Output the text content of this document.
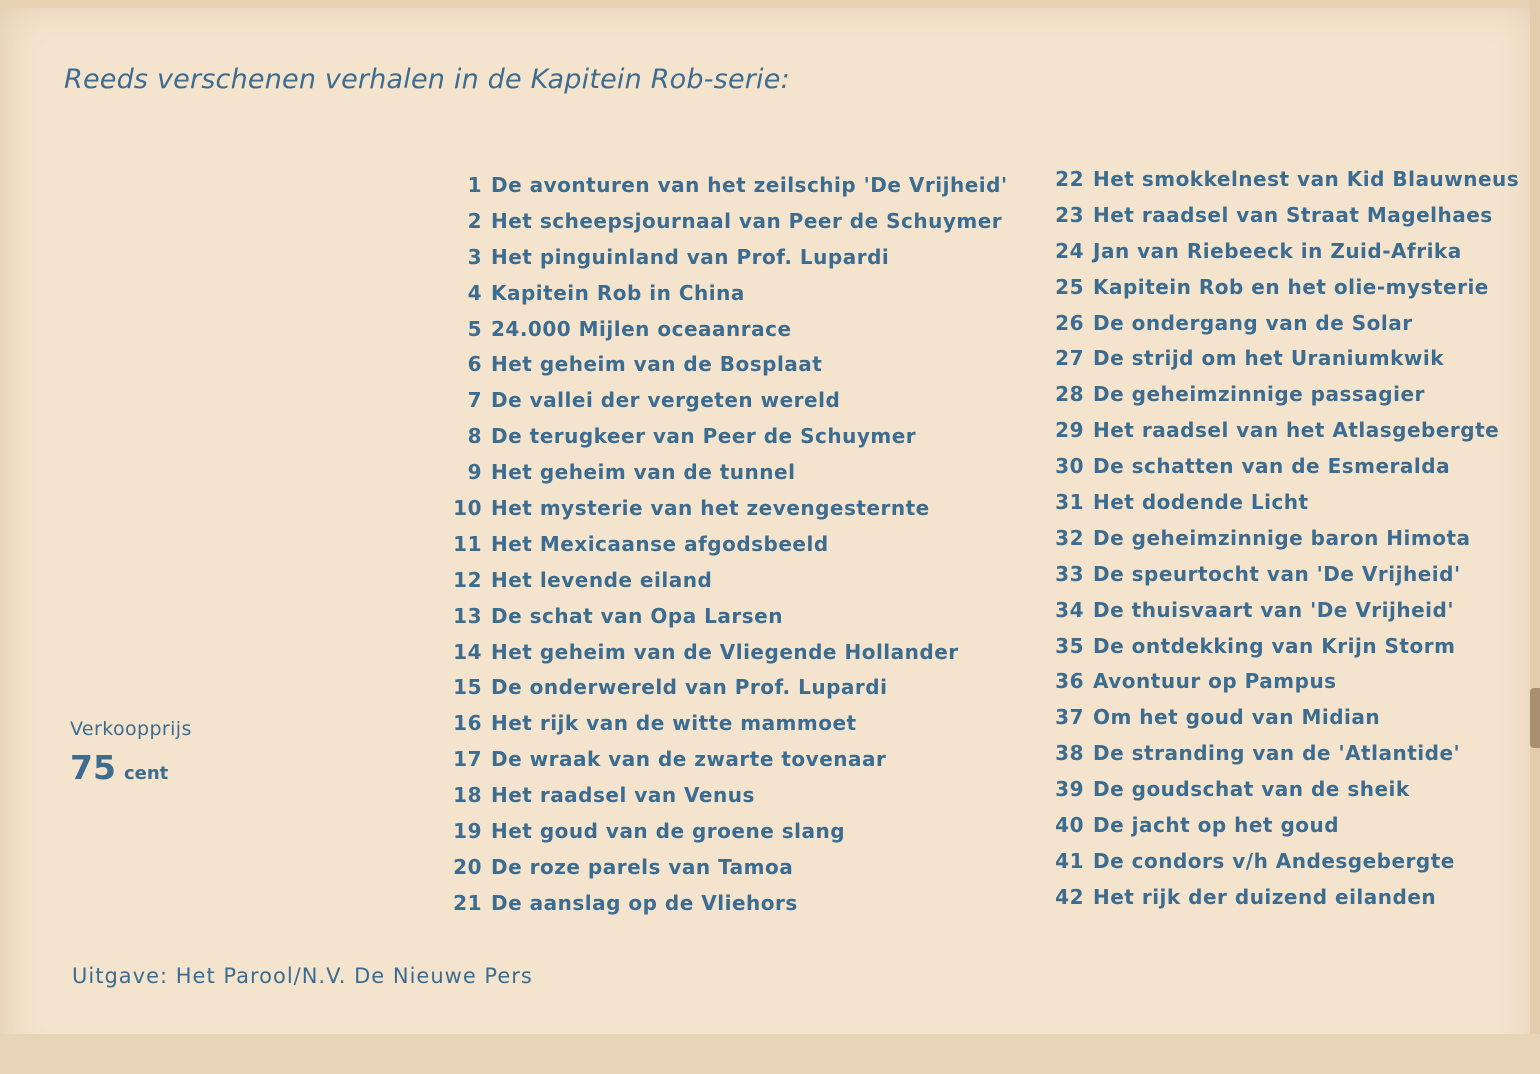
Reeds verschenen verhalen in de Kapitein Rob-serie:
1 De avonturen van het zeilschip 'De Vrijheid'
2 Het scheepsjournaal van Peer de Schuymer
3 Het pinguinland van Prof. Lupardi
4 Kapitein Rob in China
5 24.000 Mijlen oceaanrace
6 Het geheim van de Bosplaat
7 De vallei der vergeten wereld
8 De terugkeer van Peer de Schuymer
9 Het geheim van de tunnel
10 Het mysterie van het zevengesternte
11 Het Mexicaanse afgodsbeeld
12 Het levende eiland
13 De schat van Opa Larsen
14 Het geheim van de Vliegende Hollander
15 De onderwereld van Prof. Lupardi
16 Het rijk van de witte mammoet
17 De wraak van de zwarte tovenaar
18 Het raadsel van Venus
19 Het goud van de groene slang
20 De roze parels van Tamoa
21 De aanslag op de Vliehors
22 Het smokkelnest van Kid Blauwneus
23 Het raadsel van Straat Magelhaes
24 Jan van Riebeeck in Zuid-Afrika
25 Kapitein Rob en het olie-mysterie
26 De ondergang van de Solar
27 De strijd om het Uraniumkwik
28 De geheimzinnige passagier
29 Het raadsel van het Atlasgebergte
30 De schatten van de Esmeralda
31 Het dodende Licht
32 De geheimzinnige baron Himota
33 De speurtocht van 'De Vrijheid'
34 De thuisvaart van 'De Vrijheid'
35 De ontdekking van Krijn Storm
36 Avontuur op Pampus
37 Om het goud van Midian
38 De stranding van de 'Atlantide'
39 De goudschat van de sheik
40 De jacht op het goud
41 De condors v/h Andesgebergte
42 Het rijk der duizend eilanden
Verkoopprijs
75 cent
Uitgave: Het Parool/N.V. De Nieuwe Pers
